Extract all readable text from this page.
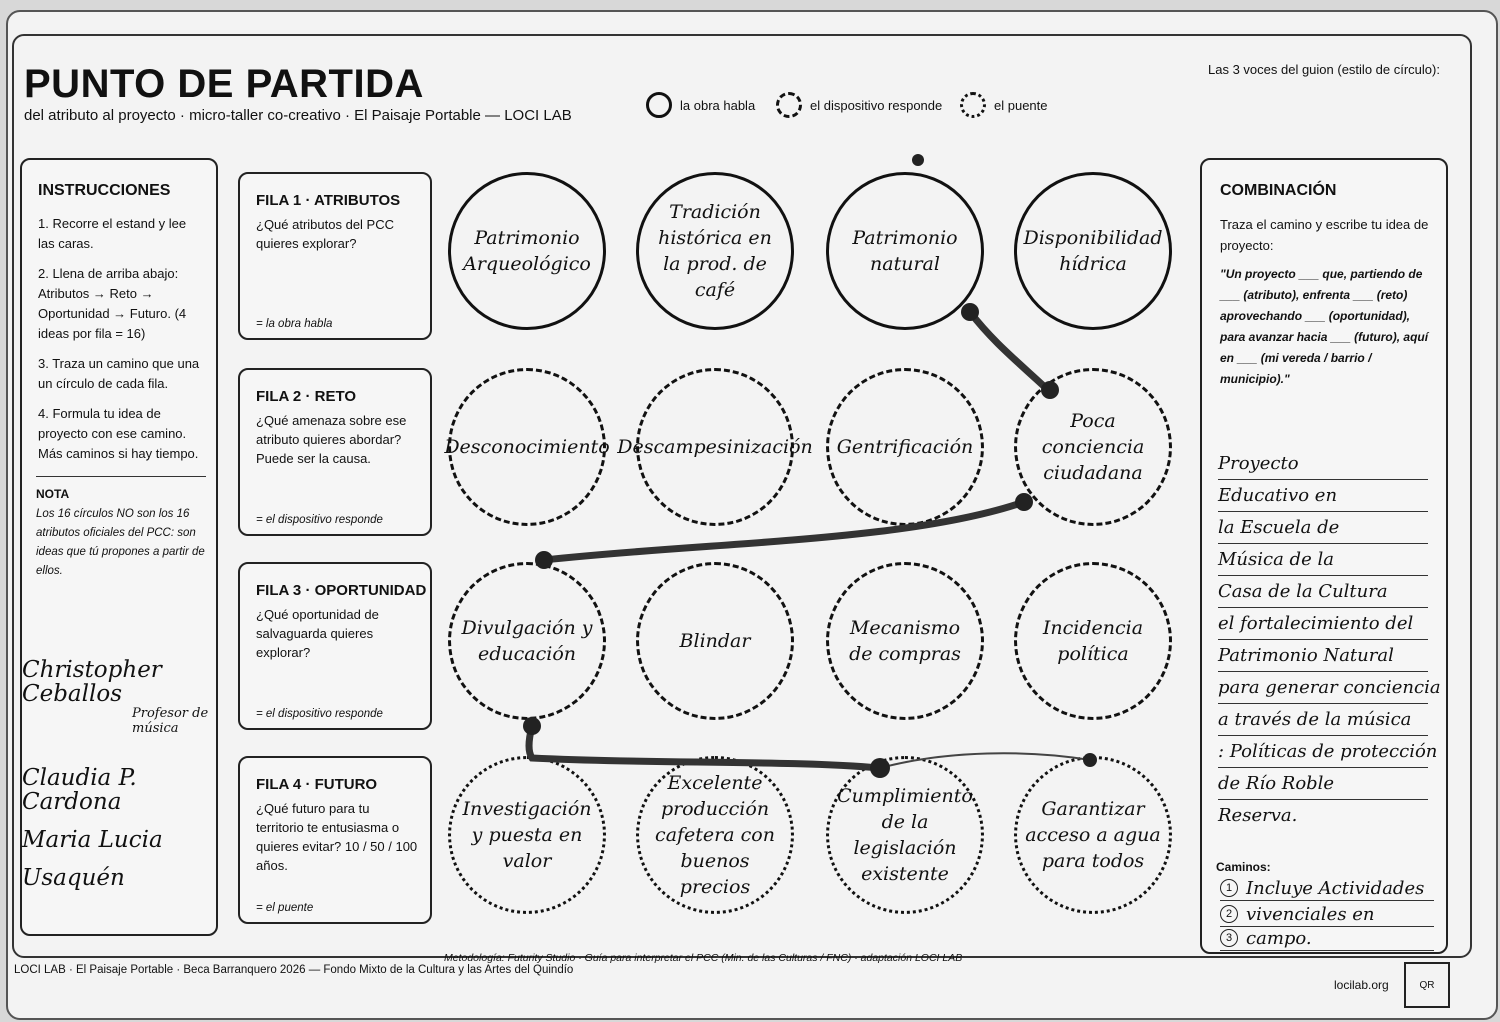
PUNTO DE PARTIDA
del atributo al proyecto · micro-taller co-creativo · El Paisaje Portable — LOCI LAB
Las 3 voces del guion (estilo de círculo):
la obra habla	el dispositivo responde	el puente
INSTRUCCIONES
1. Recorre el estand y lee las caras.
2. Llena de arriba abajo: Atributos → Reto → Oportunidad → Futuro. (4 ideas por fila = 16)
3. Traza un camino que una un círculo de cada fila.
4. Formula tu idea de proyecto con ese camino. Más caminos si hay tiempo.
NOTA
Los 16 círculos NO son los 16 atributos oficiales del PCC: son ideas que tú propones a partir de ellos.
Christopher Ceballos
Profesor de música
Claudia P. Cardona
Maria Lucia
Usaquén
FILA 1 · ATRIBUTOS
¿Qué atributos del PCC quieres explorar?
= la obra habla
FILA 2 · RETO
¿Qué amenaza sobre ese atributo quieres abordar? Puede ser la causa.
= el dispositivo responde
FILA 3 · OPORTUNIDAD
¿Qué oportunidad de salvaguarda quieres explorar?
= el dispositivo responde
FILA 4 · FUTURO
¿Qué futuro para tu territorio te entusiasma o quieres evitar? 10 / 50 / 100 años.
= el puente
Patrimonio Arqueológico
Tradición histórica en la prod. de café
Patrimonio natural
Disponibilidad hídrica
Desconocimiento Descampesinización	Gentrificación
Poca conciencia ciudadana
Divulgación y educación
Blindar
Mecanismo de compras
Incidencia política
Investigación y puesta en valor
Excelente producción cafetera con buenos precios
Cumplimiento de la legislación existente
Garantizar acceso a agua para todos
COMBINACIÓN
Traza el camino y escribe tu idea de proyecto:
"Un proyecto ___ que, partiendo de ___ (atributo), enfrenta ___ (reto) aprovechando ___ (oportunidad), para avanzar hacia ___ (futuro), aquí en ___ (mi vereda / barrio / municipio)."
Proyecto
Educativo en
la Escuela de
Música de la
Casa de la Cultura
el fortalecimiento del
Patrimonio Natural
para generar conciencia
a través de la música
: Políticas de protección
de Río Roble
Reserva.
Caminos:
1 Incluye Actividades
2 vivenciales en
3 campo.
Metodología: Futurity Studio · Guía para interpretar el PCC (Min. de las Culturas / FNC) · adaptación LOCI LAB
LOCI LAB · El Paisaje Portable · Beca Barranquero 2026 — Fondo Mixto de la Cultura y las Artes del Quindío
locilab.org	QR
